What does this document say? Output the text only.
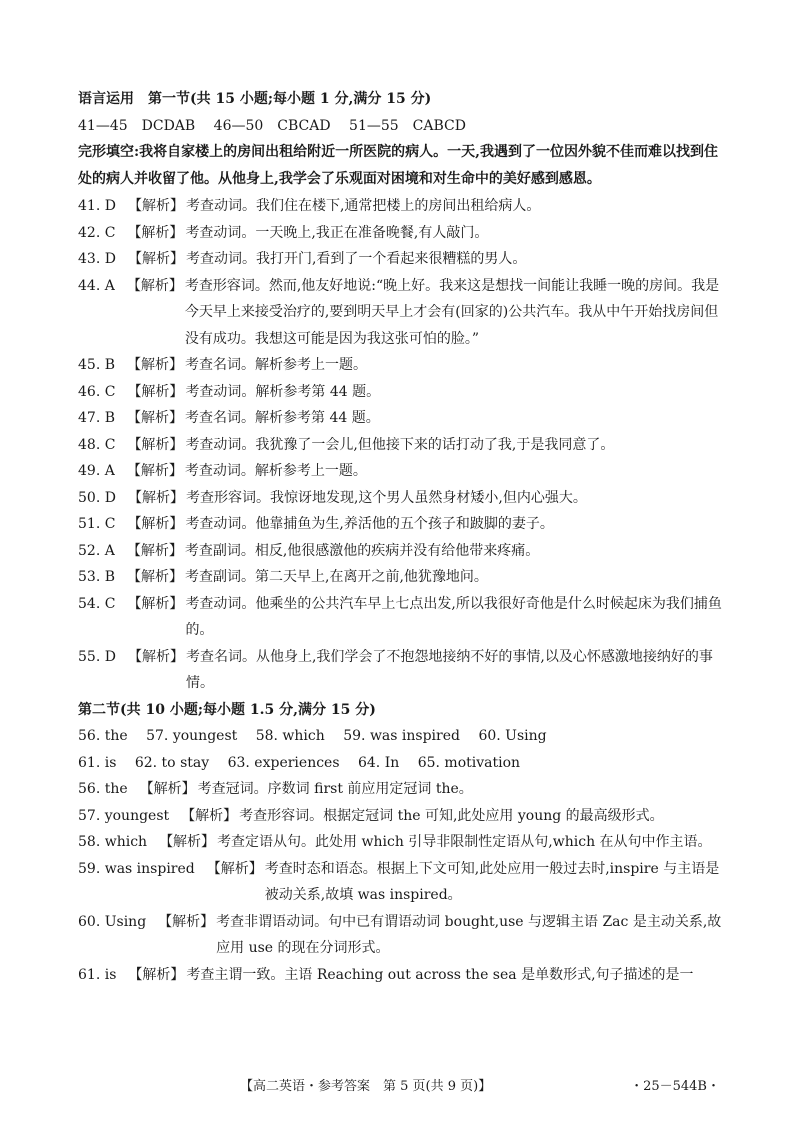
语言运用　第一节(共 15 小题;每小题 1 分,满分 15 分)
41—45　DCDAB 46—50　CBCAD 51—55　CABCD
完形填空:我将自家楼上的房间出租给附近一所医院的病人。一天,我遇到了一位因外貌不佳而难以找到住处的病人并收留了他。从他身上,我学会了乐观面对困境和对生命中的美好感到感恩。
41. D 【解析】 考查动词。我们住在楼下,通常把楼上的房间出租给病人。
42. C 【解析】 考查动词。一天晚上,我正在准备晚餐,有人敲门。
43. D 【解析】 考查动词。我打开门,看到了一个看起来很糟糕的男人。
44. A 【解析】 考查形容词。然而,他友好地说:“晚上好。我来这是想找一间能让我睡一晚的房间。我是今天早上来接受治疗的,要到明天早上才会有(回家的)公共汽车。我从中午开始找房间但没有成功。我想这可能是因为我这张可怕的脸。”
45. B 【解析】 考查名词。解析参考上一题。
46. C 【解析】 考查动词。解析参考第 44 题。
47. B 【解析】 考查名词。解析参考第 44 题。
48. C 【解析】 考查动词。我犹豫了一会儿,但他接下来的话打动了我,于是我同意了。
49. A 【解析】 考查动词。解析参考上一题。
50. D 【解析】 考查形容词。我惊讶地发现,这个男人虽然身材矮小,但内心强大。
51. C 【解析】 考查动词。他靠捕鱼为生,养活他的五个孩子和跛脚的妻子。
52. A 【解析】 考查副词。相反,他很感激他的疾病并没有给他带来疼痛。
53. B 【解析】 考查副词。第二天早上,在离开之前,他犹豫地问。
54. C 【解析】 考查动词。他乘坐的公共汽车早上七点出发,所以我很好奇他是什么时候起床为我们捕鱼的。
55. D 【解析】 考查名词。从他身上,我们学会了不抱怨地接纳不好的事情,以及心怀感激地接纳好的事情。
第二节(共 10 小题;每小题 1.5 分,满分 15 分)
56. the 57. youngest 58. which 59. was inspired 60. Using
61. is 62. to stay 63. experiences 64. In 65. motivation
56. the 【解析】 考查冠词。序数词 first 前应用定冠词 the。
57. youngest 【解析】 考查形容词。根据定冠词 the 可知,此处应用 young 的最高级形式。
58. which 【解析】 考查定语从句。此处用 which 引导非限制性定语从句,which 在从句中作主语。
59. was inspired 【解析】 考查时态和语态。根据上下文可知,此处应用一般过去时,inspire 与主语是被动关系,故填 was inspired。
60. Using 【解析】 考查非谓语动词。句中已有谓语动词 bought,use 与逻辑主语 Zac 是主动关系,故应用 use 的现在分词形式。
61. is 【解析】 考查主谓一致。主语 Reaching out across the sea 是单数形式,句子描述的是一
【高二英语・参考答案　第 5 页(共 9 页)】	・25－544B・
